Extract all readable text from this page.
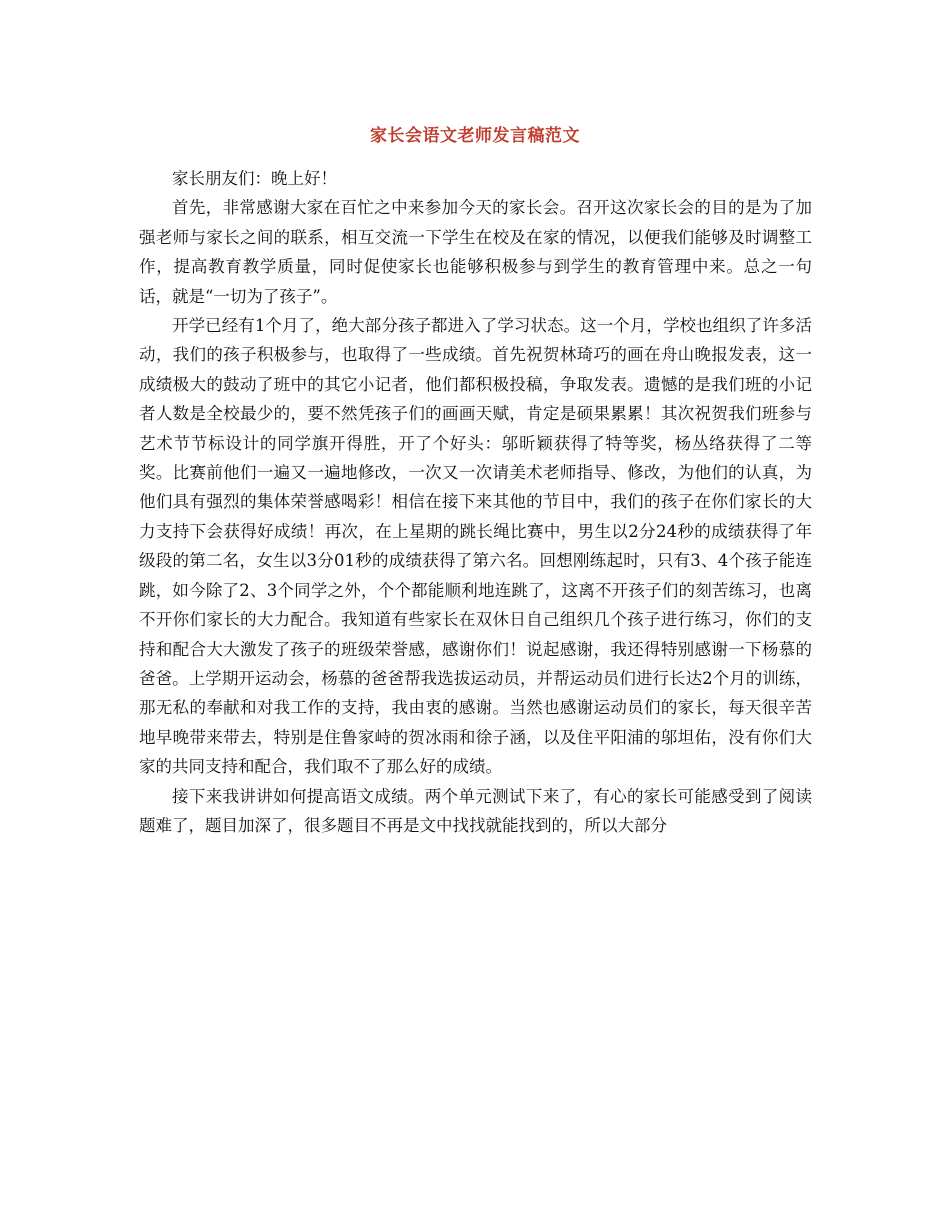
家长会语文老师发言稿范文

家长朋友们：晚上好！

首先，非常感谢大家在百忙之中来参加今天的家长会。召开这次家长会的目的是为了加强老师与家长之间的联系，相互交流一下学生在校及在家的情况，以便我们能够及时调整工作，提高教育教学质量，同时促使家长也能够积极参与到学生的教育管理中来。总之一句话，就是“一切为了孩子”。

开学已经有1个月了，绝大部分孩子都进入了学习状态。这一个月，学校也组织了许多活动，我们的孩子积极参与，也取得了一些成绩。首先祝贺林琦巧的画在舟山晚报发表，这一成绩极大的鼓动了班中的其它小记者，他们都积极投稿，争取发表。遗憾的是我们班的小记者人数是全校最少的，要不然凭孩子们的画画天赋，肯定是硕果累累！其次祝贺我们班参与艺术节节标设计的同学旗开得胜，开了个好头：邬昕颖获得了特等奖，杨丛络获得了二等奖。比赛前他们一遍又一遍地修改，一次又一次请美术老师指导、修改，为他们的认真，为他们具有强烈的集体荣誉感喝彩！相信在接下来其他的节目中，我们的孩子在你们家长的大力支持下会获得好成绩！再次，在上星期的跳长绳比赛中，男生以2分24秒的成绩获得了年级段的第二名，女生以3分01秒的成绩获得了第六名。回想刚练起时，只有3、4个孩子能连跳，如今除了2、3个同学之外，个个都能顺利地连跳了，这离不开孩子们的刻苦练习，也离不开你们家长的大力配合。我知道有些家长在双休日自己组织几个孩子进行练习，你们的支持和配合大大激发了孩子的班级荣誉感，感谢你们！说起感谢，我还得特别感谢一下杨慕的爸爸。上学期开运动会，杨慕的爸爸帮我选拔运动员，并帮运动员们进行长达2个月的训练，那无私的奉献和对我工作的支持，我由衷的感谢。当然也感谢运动员们的家长，每天很辛苦地早晚带来带去，特别是住鲁家峙的贺冰雨和徐子涵，以及住平阳浦的邬坦佑，没有你们大家的共同支持和配合，我们取不了那么好的成绩。

接下来我讲讲如何提高语文成绩。两个单元测试下来了，有心的家长可能感受到了阅读题难了，题目加深了，很多题目不再是文中找找就能找到的，所以大部分
